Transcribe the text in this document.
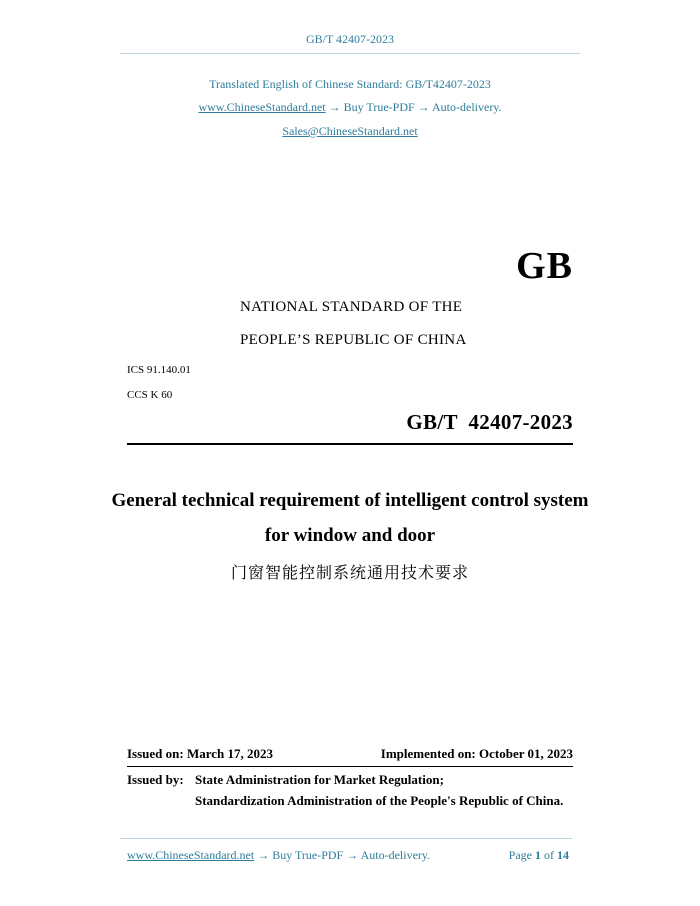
GB/T 42407-2023
Translated English of Chinese Standard: GB/T42407-2023
www.ChineseStandard.net → Buy True-PDF → Auto-delivery.
Sales@ChineseStandard.net
GB
NATIONAL STANDARD OF THE
PEOPLE’S REPUBLIC OF CHINA
ICS 91.140.01
CCS K 60
GB/T  42407-2023
General technical requirement of intelligent control system
for window and door
门窗智能控制系统通用技术要求
Issued on: March 17, 2023	Implemented on: October 01, 2023
Issued by: State Administration for Market Regulation;
Standardization Administration of the People's Republic of China.
www.ChineseStandard.net → Buy True-PDF → Auto-delivery.	Page 1 of 14
